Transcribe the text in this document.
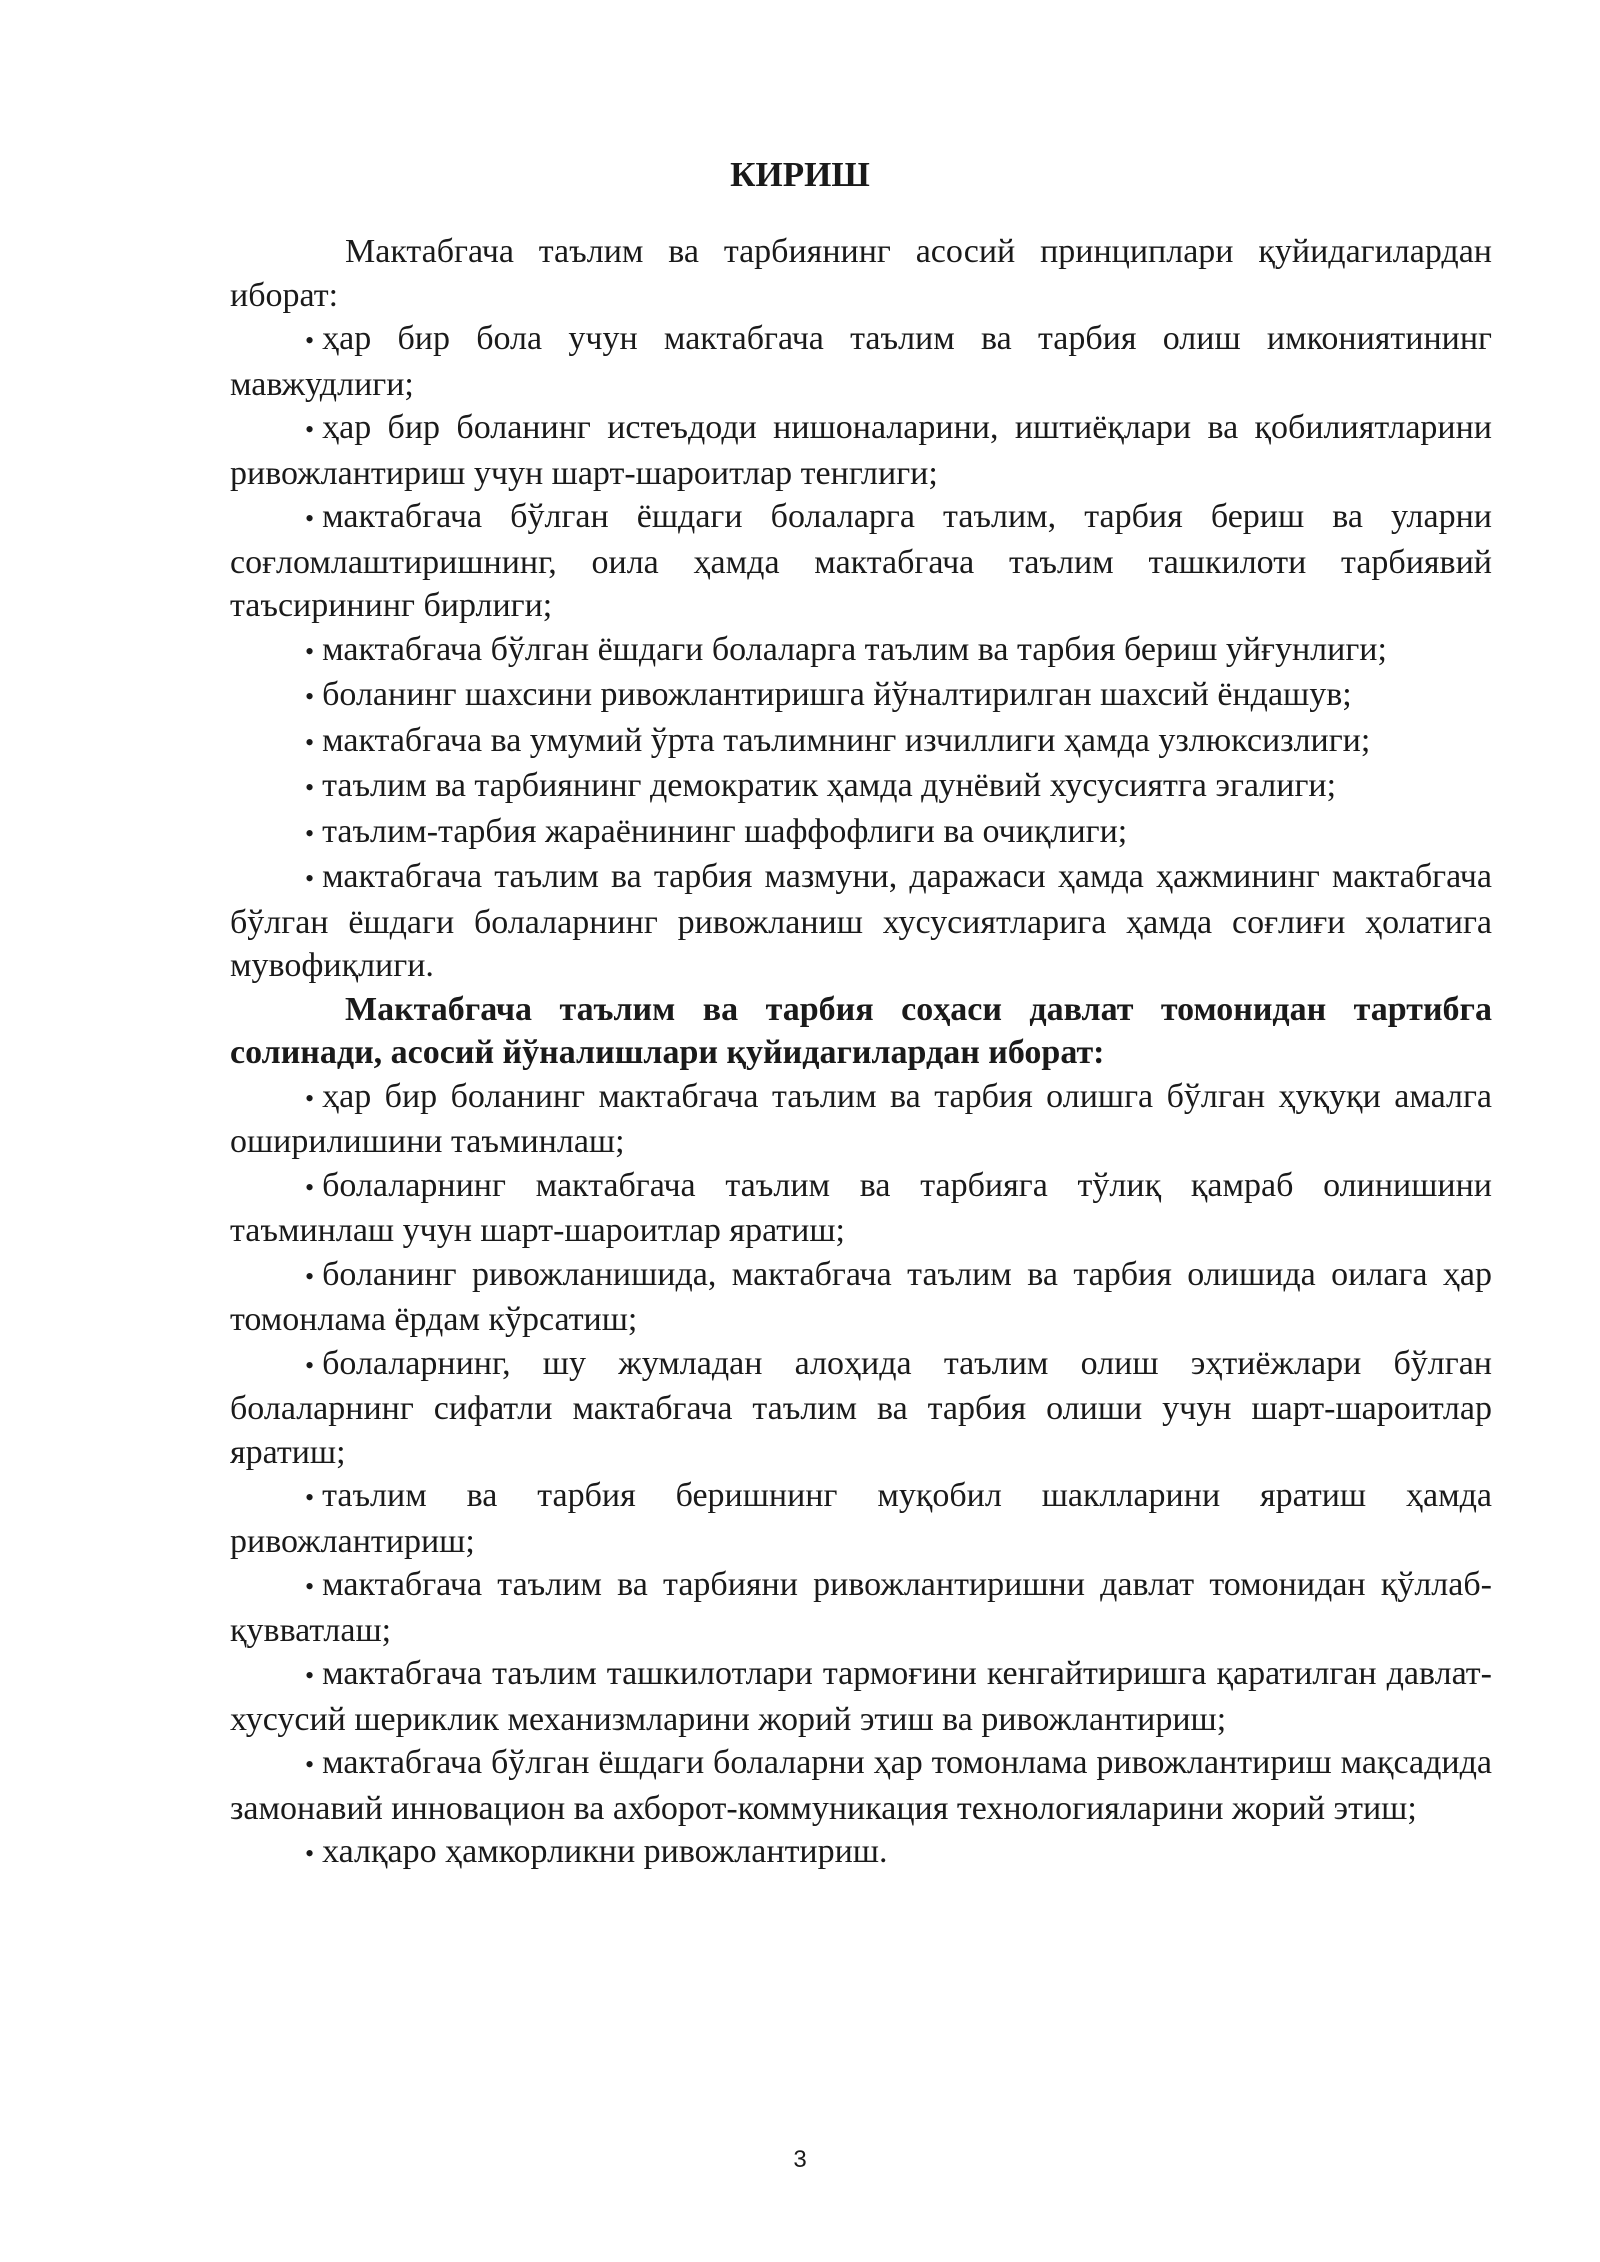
КИРИШ

Мактабгача таълим ва тарбиянинг асосий принциплари қуйидагилардан иборат:

• ҳар бир бола учун мактабгача таълим ва тарбия олиш имкониятининг мавжудлиги;

• ҳар бир боланинг истеъдоди нишоналарини, иштиёқлари ва қобилиятларини ривожлантириш учун шарт-шароитлар тенглиги;

• мактабгача бўлган ёшдаги болаларга таълим, тарбия бериш ва уларни соғломлаштиришнинг, оила ҳамда мактабгача таълим ташкилоти тарбиявий таъсирининг бирлиги;

• мактабгача бўлган ёшдаги болаларга таълим ва тарбия бериш уйғунлиги;

• боланинг шахсини ривожлантиришга йўналтирилган шахсий ёндашув;

• мактабгача ва умумий ўрта таълимнинг изчиллиги ҳамда узлюксизлиги;

• таълим ва тарбиянинг демократик ҳамда дунёвий хусусиятга эгалиги;

• таълим-тарбия жараёнининг шаффофлиги ва очиқлиги;

• мактабгача таълим ва тарбия мазмуни, даражаси ҳамда ҳажмининг мактабгача бўлган ёшдаги болаларнинг ривожланиш хусусиятларига ҳамда соғлиғи ҳолатига мувофиқлиги.

Мактабгача таълим ва тарбия соҳаси давлат томонидан тартибга солинади, асосий йўналишлари қуйидагилардан иборат:

• ҳар бир боланинг мактабгача таълим ва тарбия олишга бўлган ҳуқуқи амалга оширилишини таъминлаш;

• болаларнинг мактабгача таълим ва тарбияга тўлиқ қамраб олинишини таъминлаш учун шарт-шароитлар яратиш;

• боланинг ривожланишида, мактабгача таълим ва тарбия олишида оилага ҳар томонлама ёрдам кўрсатиш;

• болаларнинг, шу жумладан алоҳида таълим олиш эҳтиёжлари бўлган болаларнинг сифатли мактабгача таълим ва тарбия олиши учун шарт-шароитлар яратиш;

• таълим ва тарбия беришнинг муқобил шаклларини яратиш ҳамда ривожлантириш;

• мактабгача таълим ва тарбияни ривожлантиришни давлат томонидан қўллаб-қувватлаш;

• мактабгача таълим ташкилотлари тармоғини кенгайтиришга қаратилган давлат-хусусий шериклик механизмларини жорий этиш ва ривожлантириш;

• мактабгача бўлган ёшдаги болаларни ҳар томонлама ривожлантириш мақсадида замонавий инновацион ва ахборот-коммуникация технологияларини жорий этиш;

• халқаро ҳамкорликни ривожлантириш.

3
